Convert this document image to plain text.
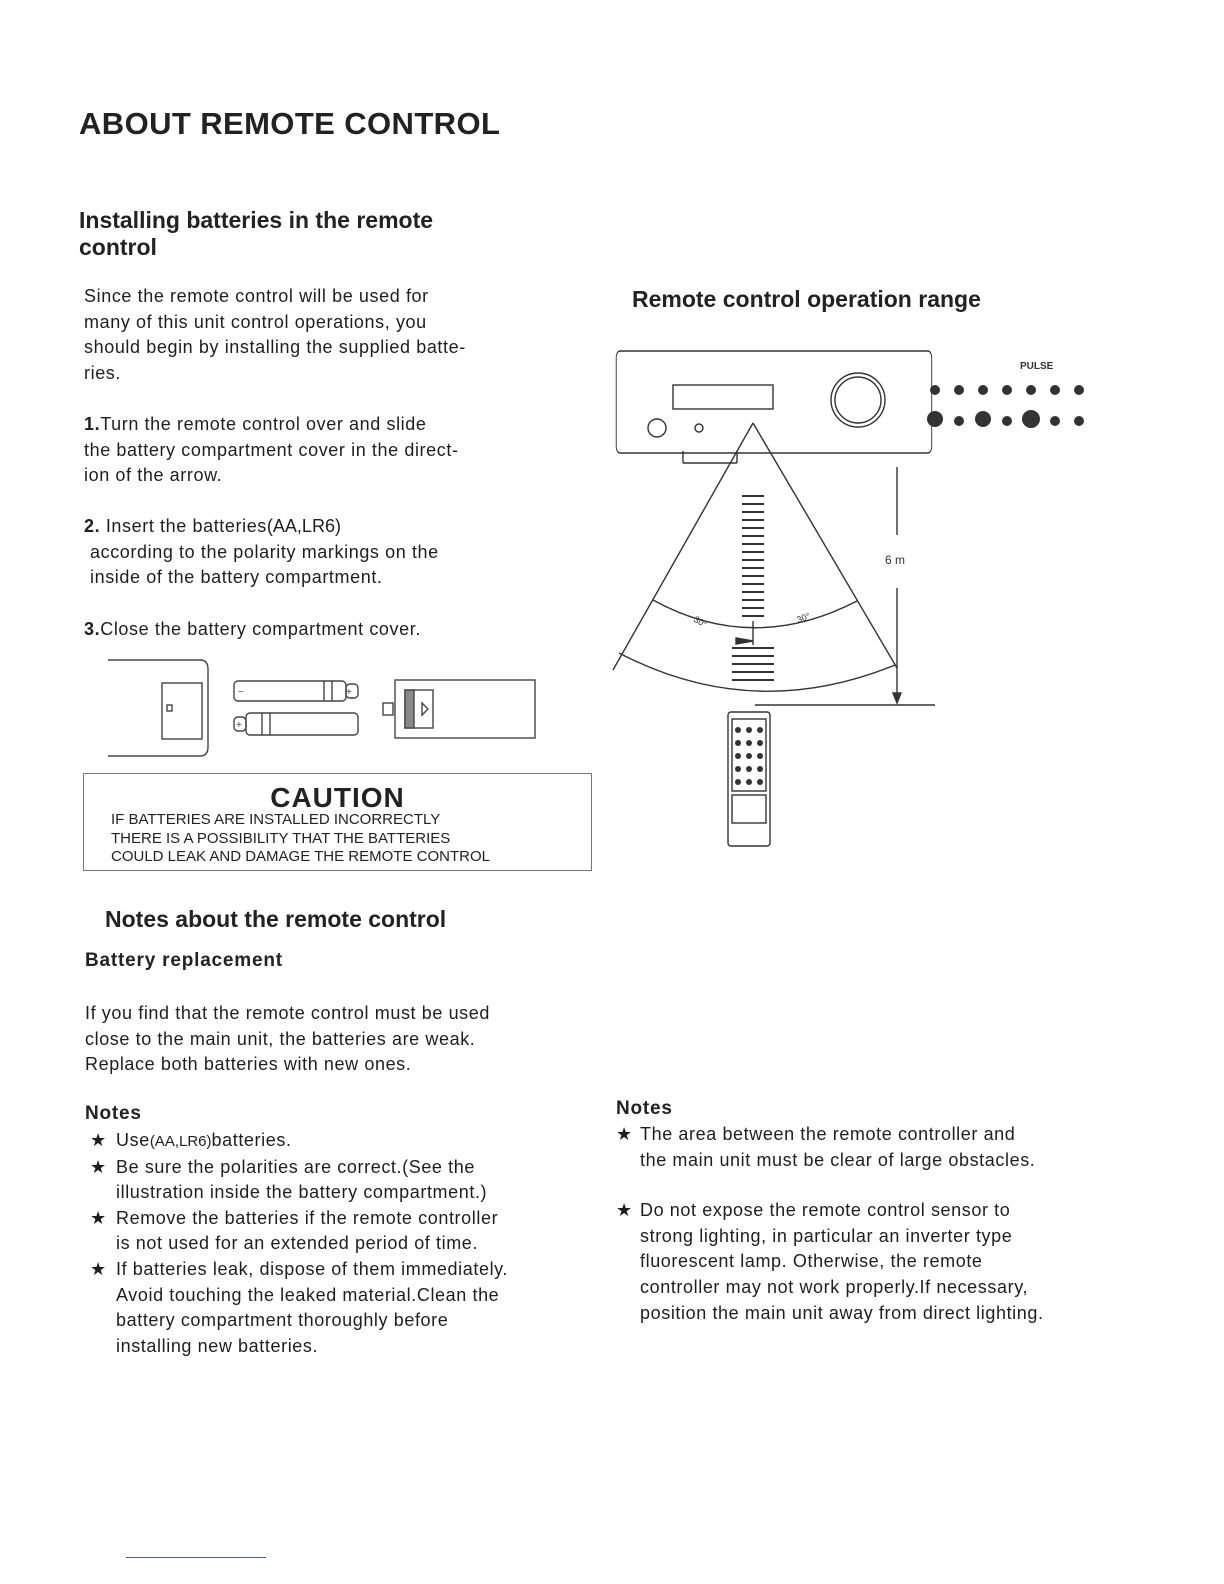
ABOUT REMOTE CONTROL
Installing batteries in the remote
control

Since the remote control will be used for
many of this unit control operations, you
should begin by installing the supplied batte-
ries.

1.Turn the remote control over and slide
the battery compartment cover in the direct-
ion of the arrow.
2. Insert the batteries(AA,LR6)
according to the polarity markings on the
inside of the battery compartment.
3.Close the battery compartment cover.
−	+
+
CAUTION
IF BATTERIES ARE INSTALLED INCORRECTLY
THERE IS A POSSIBILITY THAT THE BATTERIES
COULD LEAK AND DAMAGE THE REMOTE CONTROL
Remote control operation range
PULSE
6 m
30°	30°
Notes about the remote control
Battery replacement

If you find that the remote control must be used
close to the main unit, the batteries are weak.
Replace both batteries with new ones.

Notes
★ Use(AA,LR6)batteries.
★ Be sure the polarities are correct.(See the
illustration inside the battery compartment.)
★ Remove the batteries if the remote controller
is not used for an extended period of time.
★ If batteries leak, dispose of them immediately.
Avoid touching the leaked material.Clean the
battery compartment thoroughly before
installing new batteries.
Notes
★ The area between the remote controller and
the main unit must be clear of large obstacles.
★ Do not expose the remote control sensor to
strong lighting, in particular an inverter type
fluorescent lamp. Otherwise, the remote
controller may not work properly.If necessary,
position the main unit away from direct lighting.
